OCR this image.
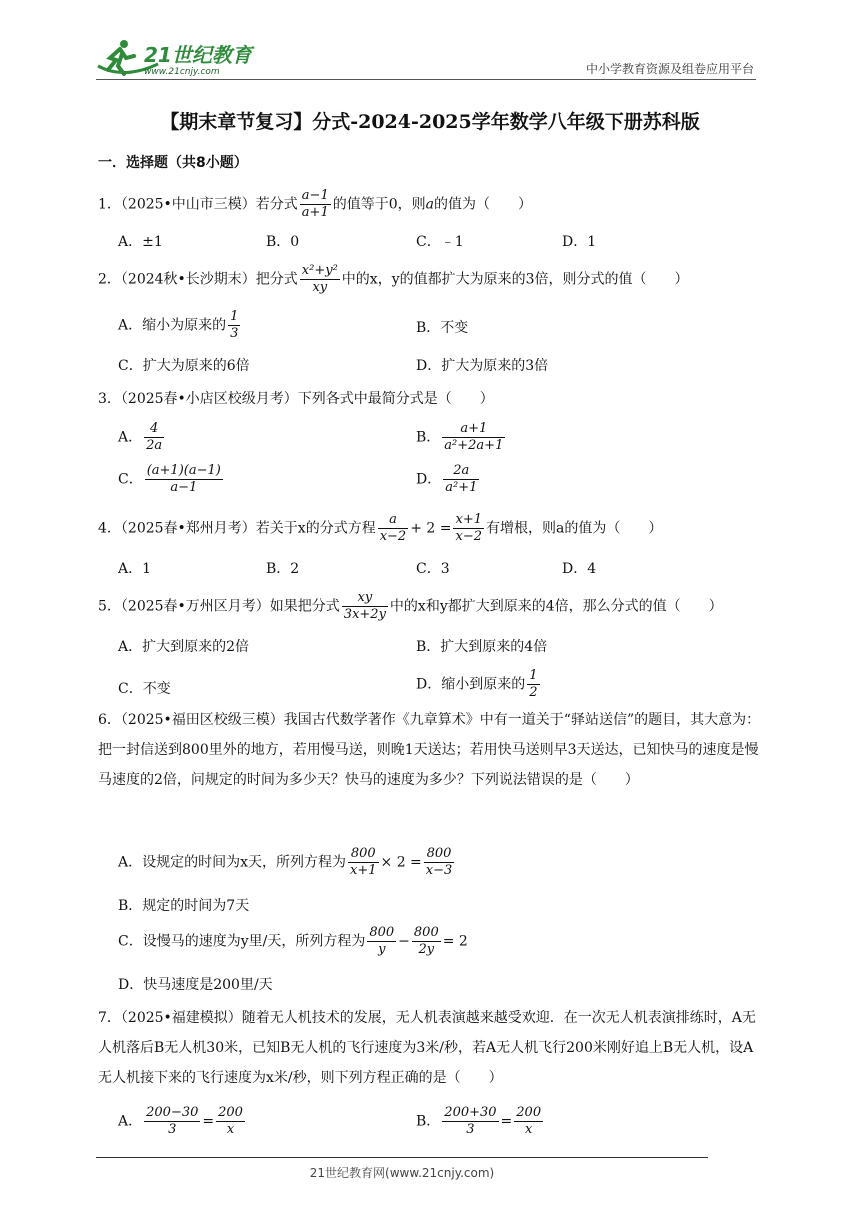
21世纪教育
www.21cnjy.com	中小学教育资源及组卷应用平台
【期末章节复习】分式-2024-2025学年数学八年级下册苏科版
一．选择题（共8小题）
1．（2025•中山市三模）若分式 $\frac{a-1}{a+1}$ 的值等于0，则a的值为（　　）
A．±1	B．0	C．﹣1	D．1
2．（2024秋•长沙期末）把分式 $\frac{\text{x²+y²}}{xy}$ 中的x，y的值都扩大为原来的3倍，则分式的值（　　）
A．缩小为原来的 $\frac{1}{3}$	B．不变
C．扩大为原来的6倍	D．扩大为原来的3倍
3．（2025春•小店区校级月考）下列各式中最简分式是（　　）
A． $\frac{4}{2a}$	B． $\frac{a+1}{\text{a²+2a+1}}$
C． $\frac{(a+1)(a-1)}{a-1}$	D． $\frac{2a}{\text{a²+1}}$
4．（2025春•郑州月考）若关于x的分式方程 $\frac{a}{x-2} + 2 = \frac{x+1}{x-2}$ 有增根，则a的值为（　　）
A．1	B．2	C．3	D．4
5．（2025春•万州区月考）如果把分式 $\frac{xy}{3x+2y}$ 中的x和y都扩大到原来的4倍，那么分式的值（　　）
A．扩大到原来的2倍	B．扩大到原来的4倍
C．不变	D．缩小到原来的 $\frac{1}{2}$
6．（2025•福田区校级三模）我国古代数学著作《九章算术》中有一道关于“驿站送信”的题目，其大意为：把一封信送到800里外的地方，若用慢马送，则晚1天送达；若用快马送则早3天送达，已知快马的速度是慢马速度的2倍，问规定的时间为多少天？快马的速度为多少？下列说法错误的是（　　）
A．设规定的时间为x天，所列方程为 $\frac{800}{x+1} \times 2 = \frac{800}{x-3}$
B．规定的时间为7天
C．设慢马的速度为y里/天，所列方程为 $\frac{800}{y} - \frac{800}{2y} = 2$
D．快马速度是200里/天
7．（2025•福建模拟）随着无人机技术的发展，无人机表演越来越受欢迎．在一次无人机表演排练时，A无人机落后B无人机30米，已知B无人机的飞行速度为3米/秒，若A无人机飞行200米刚好追上B无人机，设A无人机接下来的飞行速度为x米/秒，则下列方程正确的是（　　）
A． $\frac{200-30}{3} = \frac{200}{x}$	B． $\frac{200+30}{3} = \frac{200}{x}$
21世纪教育网(www.21cnjy.com)
